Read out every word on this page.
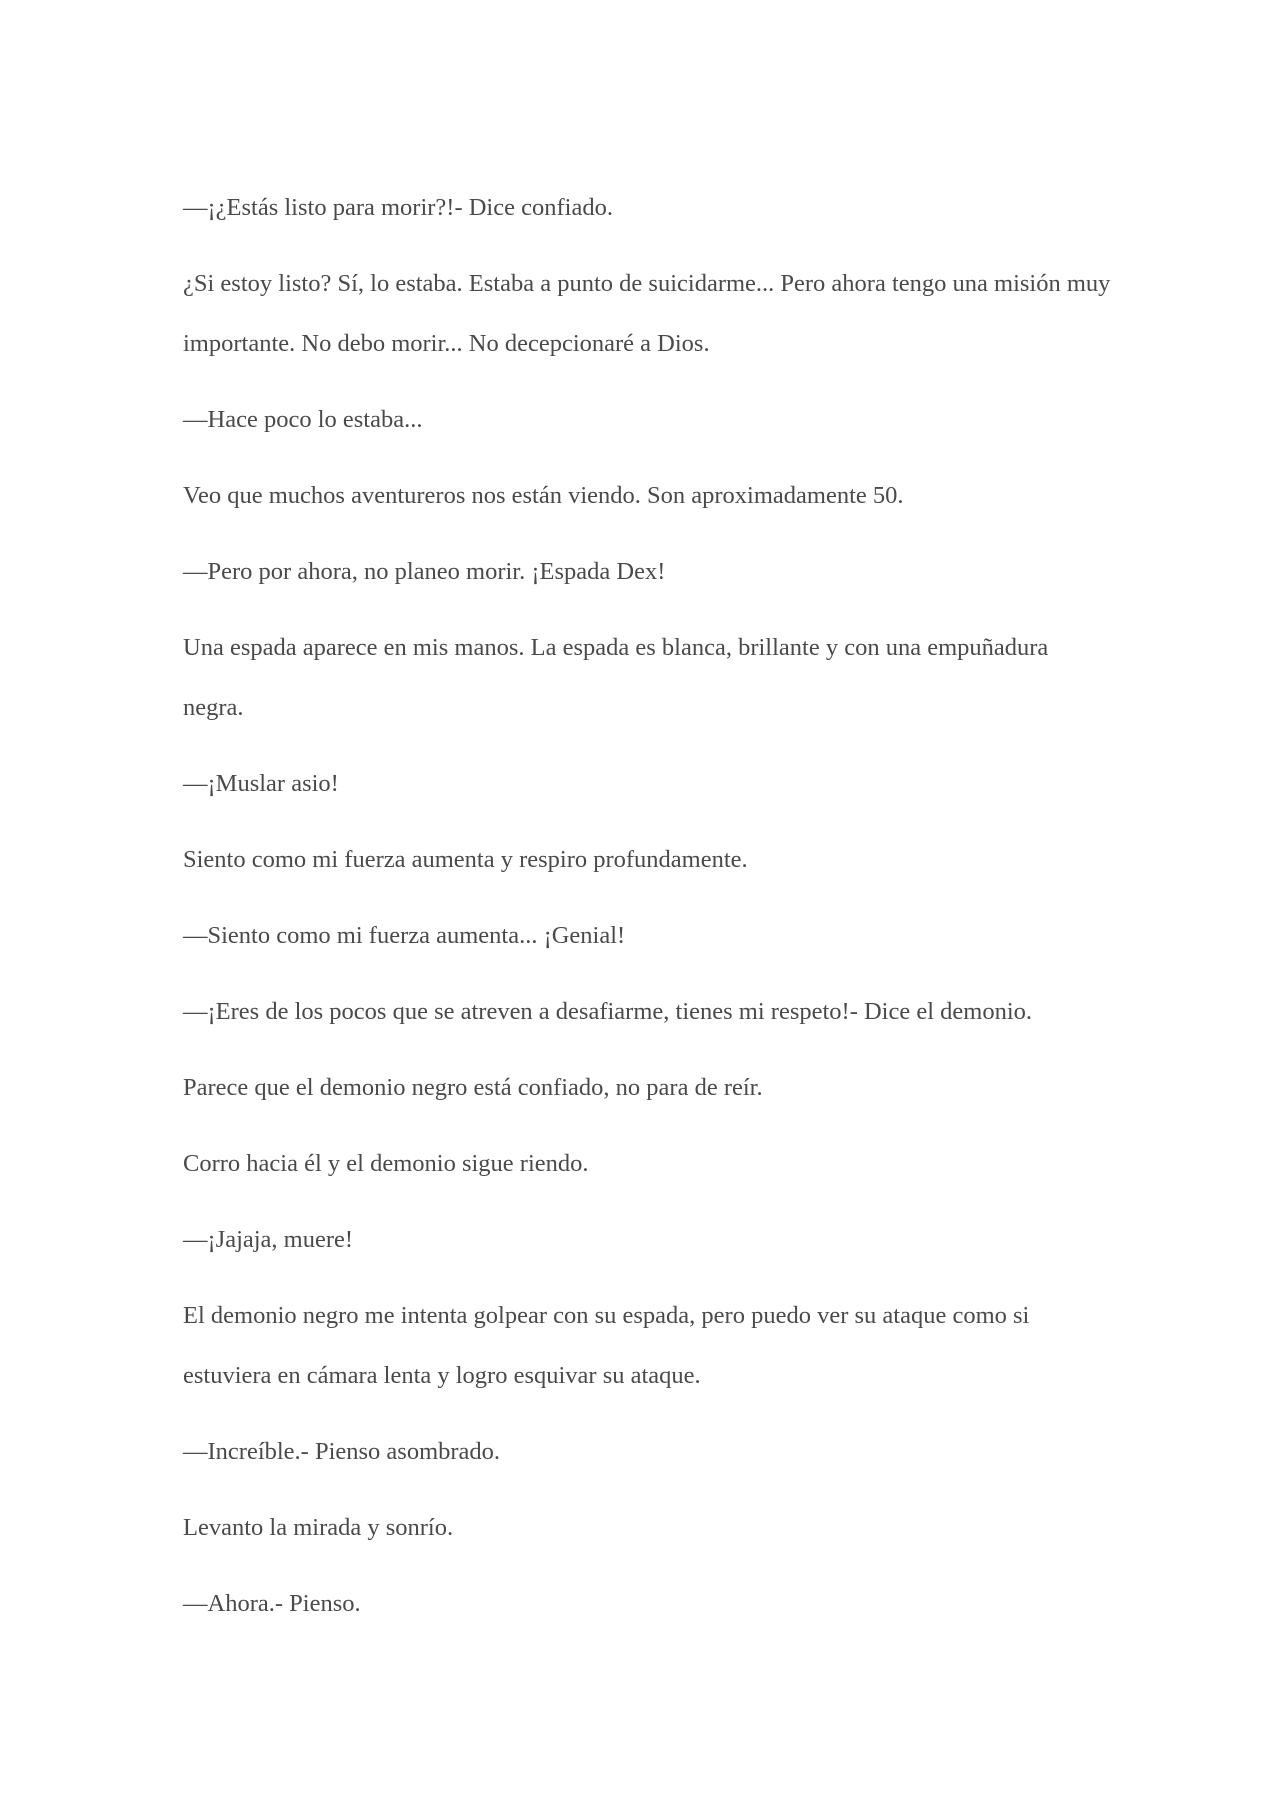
—¡¿Estás listo para morir?!- Dice confiado.

¿Si estoy listo? Sí, lo estaba. Estaba a punto de suicidarme... Pero ahora tengo una misión muy importante. No debo morir... No decepcionaré a Dios.

—Hace poco lo estaba...

Veo que muchos aventureros nos están viendo. Son aproximadamente 50.

—Pero por ahora, no planeo morir. ¡Espada Dex!

Una espada aparece en mis manos. La espada es blanca, brillante y con una empuñadura negra.

—¡Muslar asio!

Siento como mi fuerza aumenta y respiro profundamente.

—Siento como mi fuerza aumenta... ¡Genial!

—¡Eres de los pocos que se atreven a desafiarme, tienes mi respeto!- Dice el demonio.

Parece que el demonio negro está confiado, no para de reír.

Corro hacia él y el demonio sigue riendo.

—¡Jajaja, muere!

El demonio negro me intenta golpear con su espada, pero puedo ver su ataque como si estuviera en cámara lenta y logro esquivar su ataque.

—Increíble.- Pienso asombrado.

Levanto la mirada y sonrío.

—Ahora.- Pienso.
